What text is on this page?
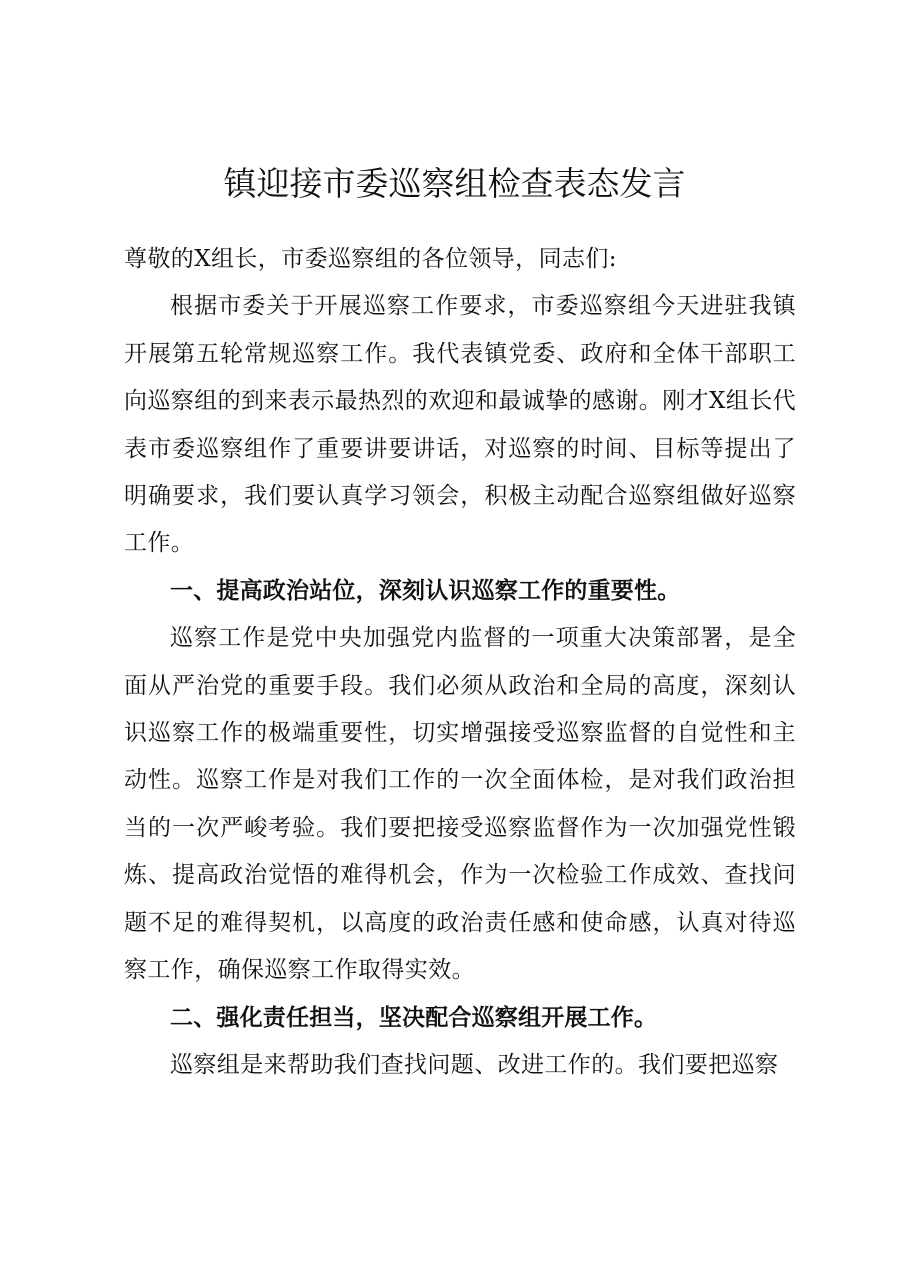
镇迎接市委巡察组检查表态发言

尊敬的X组长，市委巡察组的各位领导，同志们:

根据市委关于开展巡察工作要求，市委巡察组今天进驻我镇开展第五轮常规巡察工作。我代表镇党委、政府和全体干部职工向巡察组的到来表示最热烈的欢迎和最诚挚的感谢。刚才X组长代表市委巡察组作了重要讲要讲话，对巡察的时间、目标等提出了明确要求，我们要认真学习领会，积极主动配合巡察组做好巡察工作。

一、提高政治站位，深刻认识巡察工作的重要性。

巡察工作是党中央加强党内监督的一项重大决策部署，是全面从严治党的重要手段。我们必须从政治和全局的高度，深刻认识巡察工作的极端重要性，切实增强接受巡察监督的自觉性和主动性。巡察工作是对我们工作的一次全面体检，是对我们政治担当的一次严峻考验。我们要把接受巡察监督作为一次加强党性锻炼、提高政治觉悟的难得机会，作为一次检验工作成效、查找问题不足的难得契机，以高度的政治责任感和使命感，认真对待巡察工作，确保巡察工作取得实效。

二、强化责任担当，坚决配合巡察组开展工作。

巡察组是来帮助我们查找问题、改进工作的。我们要把巡察
